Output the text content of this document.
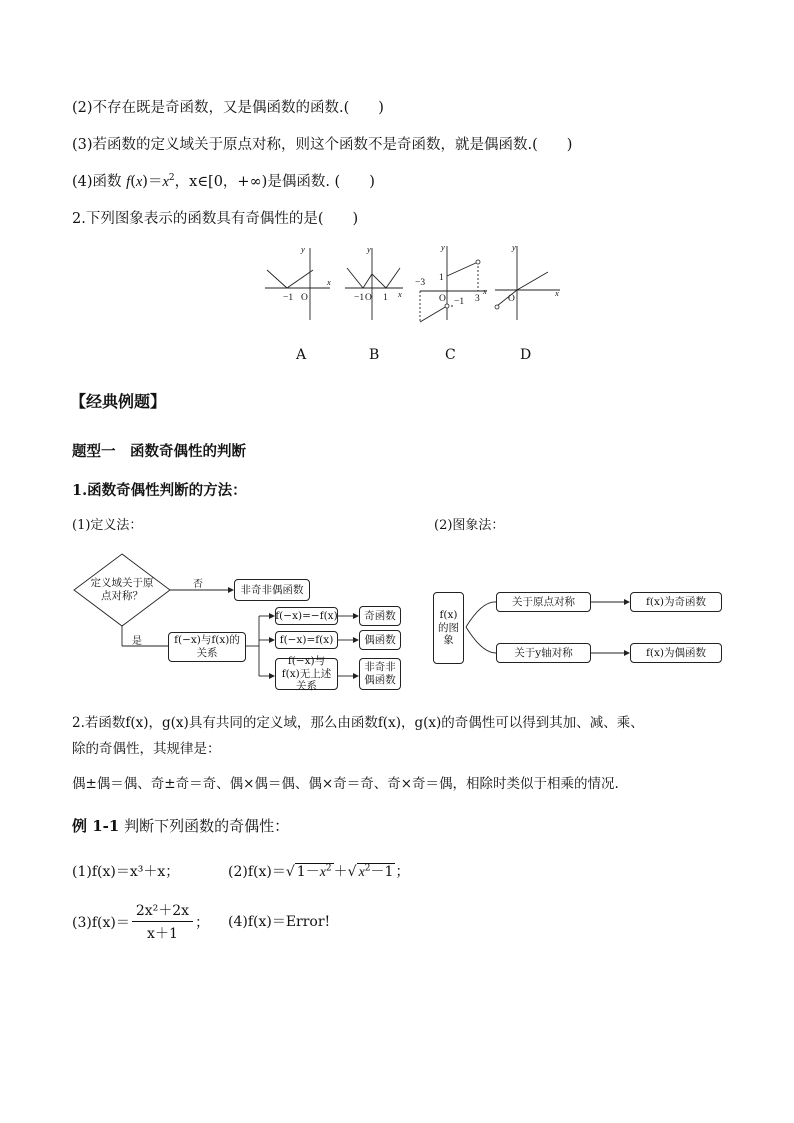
(2)不存在既是奇函数，又是偶函数的函数.(　　)
(3)若函数的定义域关于原点对称，则这个函数不是奇函数，就是偶函数.(　　)
(4)函数 $f(x)=x^2$，x∈[0，+∞)是偶函数. (　　)
2.下列图象表示的函数具有奇偶性的是(　　)
y
x
y
x
y
x
y
x
−1 O	−1 O 1
−3 1
O −1 3	O
A	B	C	D
【经典例题】
题型一　函数奇偶性的判断
1.函数奇偶性判断的方法：
(1)定义法：	(2)图象法：
定义域关于原点对称？
否
是
非奇非偶函数
f(−x)与f(x)的关系
f(−x)=−f(x)
f(−x)=f(x)
f(−x)与f(x)无上述关系
奇函数
偶函数
非奇非偶函数
f(x)的图象
关于原点对称
关于y轴对称
f(x)为奇函数
f(x)为偶函数
2.若函数f(x)，g(x)具有共同的定义域，那么由函数f(x)，g(x)的奇偶性可以得到其加、减、乘、
除的奇偶性，其规律是：
偶±偶＝偶、奇±奇＝奇、偶×偶＝偶、偶×奇＝奇、奇×奇＝偶，相除时类似于相乘的情况.
例 1-1 判断下列函数的奇偶性：
(1)f(x)＝x³＋x；	(2)f(x)＝√ $1-x^2$ ＋√ $x^2-1$ ；
$(3)f(x)= \frac{\text{2x²＋2x}}{x+1}$ ； (4)f(x)＝Error!
